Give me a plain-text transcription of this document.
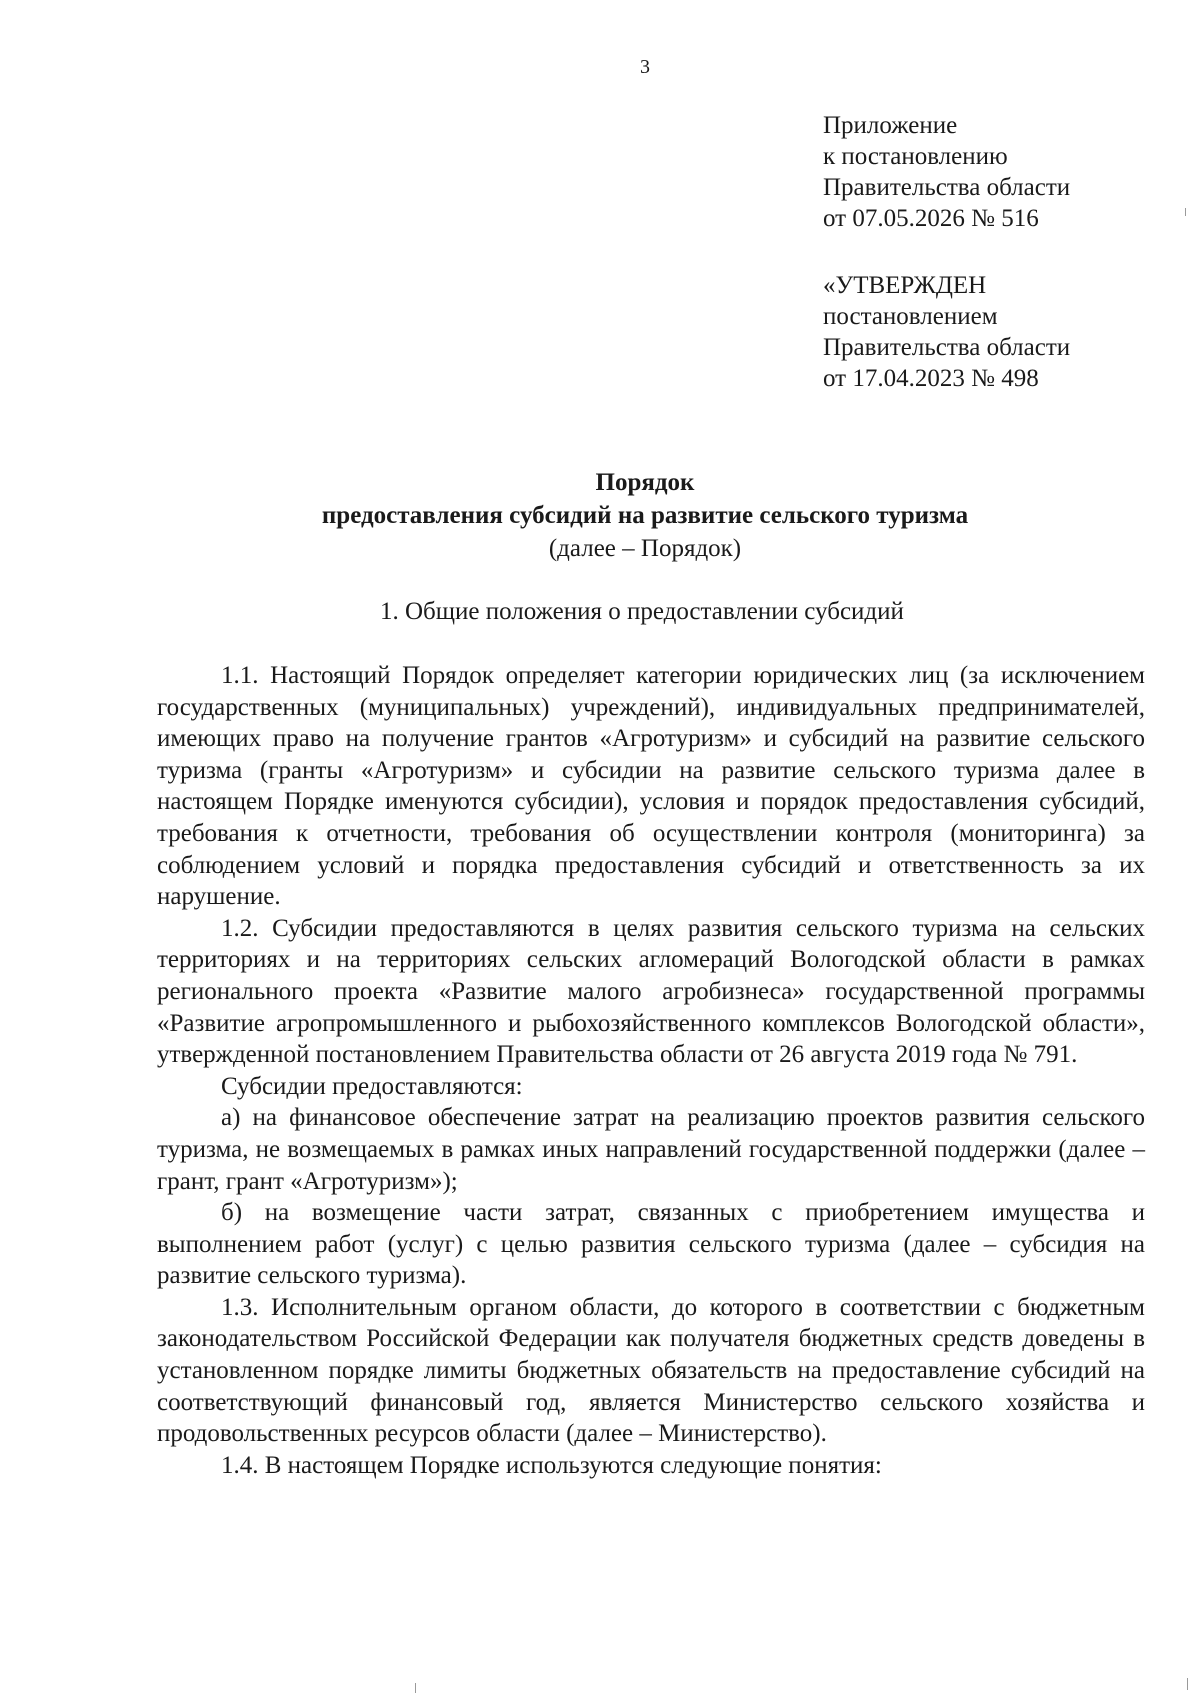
3
Приложение
к постановлению
Правительства области
от 07.05.2026 № 516
«УТВЕРЖДЕН
постановлением
Правительства области
от 17.04.2023 № 498
Порядок
предоставления субсидий на развитие сельского туризма
(далее – Порядок)
1. Общие положения о предоставлении субсидий

1.1. Настоящий Порядок определяет категории юридических лиц (за исключением государственных (муниципальных) учреждений), индивидуальных предпринимателей, имеющих право на получение грантов «Агротуризм» и субсидий на развитие сельского туризма (гранты «Агротуризм» и субсидии на развитие сельского туризма далее в настоящем Порядке именуются субсидии), условия и порядок предоставления субсидий, требования к отчетности, требования об осуществлении контроля (мониторинга) за соблюдением условий и порядка предоставления субсидий и ответственность за их нарушение.

1.2. Субсидии предоставляются в целях развития сельского туризма на сельских территориях и на территориях сельских агломераций Вологодской области в рамках регионального проекта «Развитие малого агробизнеса» государственной программы «Развитие агропромышленного и рыбохозяйственного комплексов Вологодской области», утвержденной постановлением Правительства области от 26 августа 2019 года № 791.

Субсидии предоставляются:

а) на финансовое обеспечение затрат на реализацию проектов развития сельского туризма, не возмещаемых в рамках иных направлений государственной поддержки (далее – грант, грант «Агротуризм»);

б) на возмещение части затрат, связанных с приобретением имущества и выполнением работ (услуг) с целью развития сельского туризма (далее – субсидия на развитие сельского туризма).

1.3. Исполнительным органом области, до которого в соответствии с бюджетным законодательством Российской Федерации как получателя бюджетных средств доведены в установленном порядке лимиты бюджетных обязательств на предоставление субсидий на соответствующий финансовый год, является Министерство сельского хозяйства и продовольственных ресурсов области (далее – Министерство).

1.4. В настоящем Порядке используются следующие понятия:
